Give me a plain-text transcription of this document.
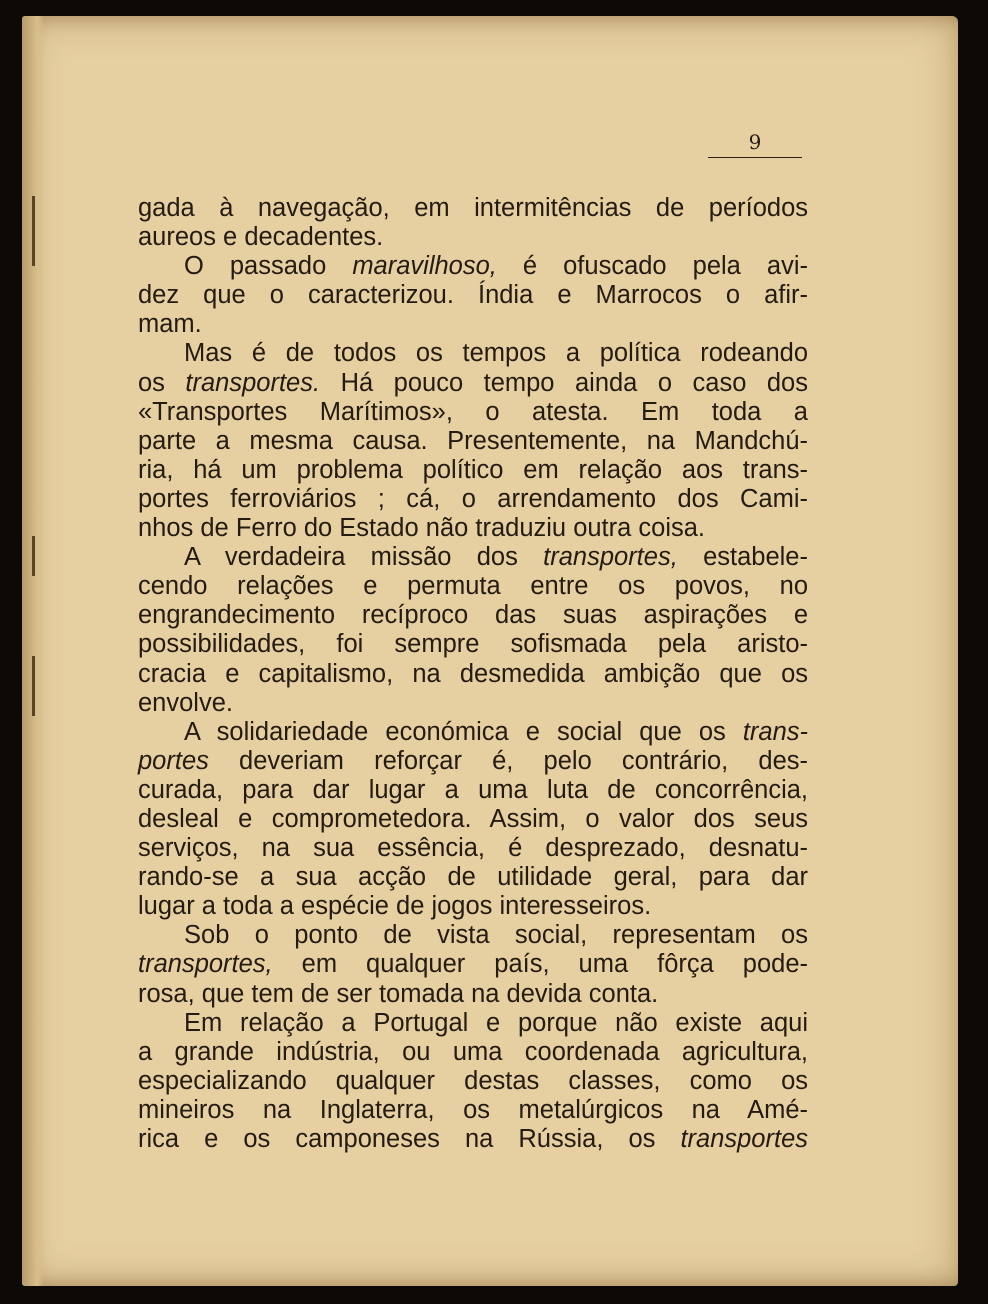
9
gada à navegação, em intermitências de períodos
aureos e decadentes.
O passado maravilhoso, é ofuscado pela avi-
dez que o caracterizou. Índia e Marrocos o afir-
mam.
Mas é de todos os tempos a política rodeando
os transportes. Há pouco tempo ainda o caso dos
«Transportes Marítimos», o atesta. Em toda a
parte a mesma causa. Presentemente, na Mandchú-
ria, há um problema político em relação aos trans-
portes ferroviários ; cá, o arrendamento dos Cami-
nhos de Ferro do Estado não traduziu outra coisa.
A verdadeira missão dos transportes, estabele-
cendo relações e permuta entre os povos, no
engrandecimento recíproco das suas aspirações e
possibilidades, foi sempre sofismada pela aristo-
cracia e capitalismo, na desmedida ambição que os
envolve.
A solidariedade económica e social que os trans-
portes deveriam reforçar é, pelo contrário, des-
curada, para dar lugar a uma luta de concorrência,
desleal e comprometedora. Assim, o valor dos seus
serviços, na sua essência, é desprezado, desnatu-
rando-se a sua acção de utilidade geral, para dar
lugar a toda a espécie de jogos interesseiros.
Sob o ponto de vista social, representam os
transportes, em qualquer país, uma fôrça pode-
rosa, que tem de ser tomada na devida conta.
Em relação a Portugal e porque não existe aqui
a grande indústria, ou uma coordenada agricultura,
especializando qualquer destas classes, como os
mineiros na Inglaterra, os metalúrgicos na Amé-
rica e os camponeses na Rússia, os transportes
